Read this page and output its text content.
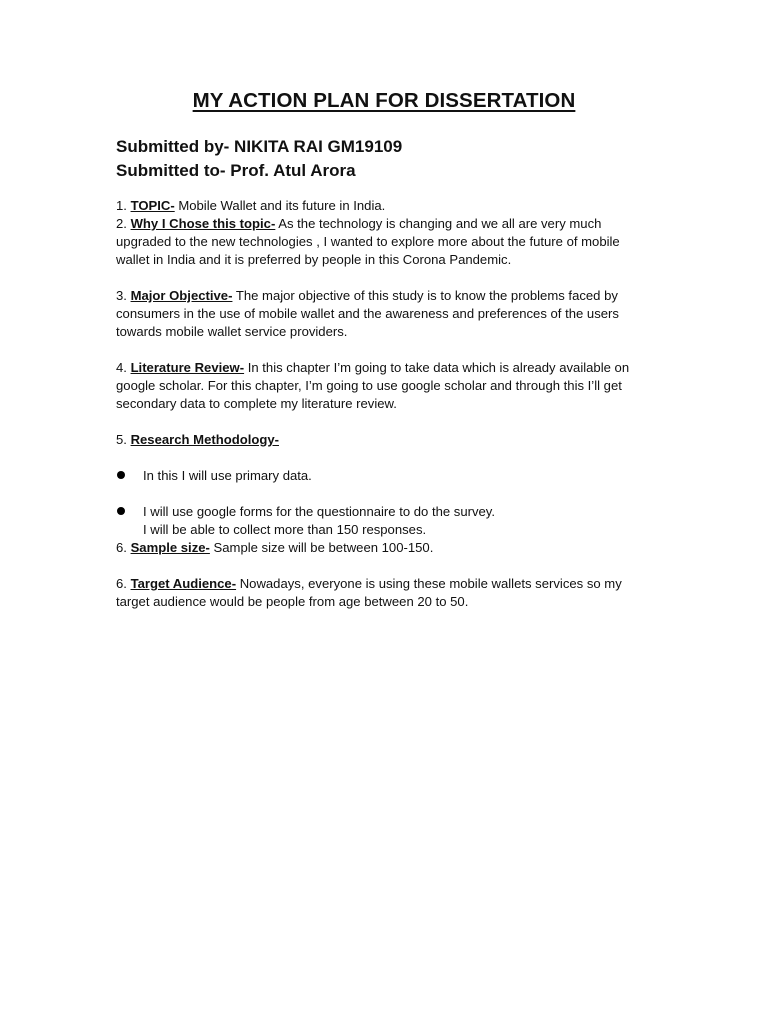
MY ACTION PLAN FOR DISSERTATION

Submitted by- NIKITA RAI GM19109

Submitted to- Prof. Atul Arora

1. TOPIC- Mobile Wallet and its future in India.

2. Why I Chose this topic- As the technology is changing and we all are very much upgraded to the new technologies , I wanted to explore more about the future of mobile wallet in India and it is preferred by people in this Corona Pandemic.

3. Major Objective- The major objective of this study is to know the problems faced by consumers in the use of mobile wallet and the awareness and preferences of the users towards mobile wallet service providers.

4. Literature Review- In this chapter I’m going to take data which is already available on google scholar. For this chapter, I’m going to use google scholar and through this I’ll get secondary data to complete my literature review.

5. Research Methodology-

In this I will use primary data.

I will use google forms for the questionnaire to do the survey.

I will be able to collect more than 150 responses.

6. Sample size- Sample size will be between 100-150.

6. Target Audience- Nowadays, everyone is using these mobile wallets services so my target audience would be people from age between 20 to 50.
